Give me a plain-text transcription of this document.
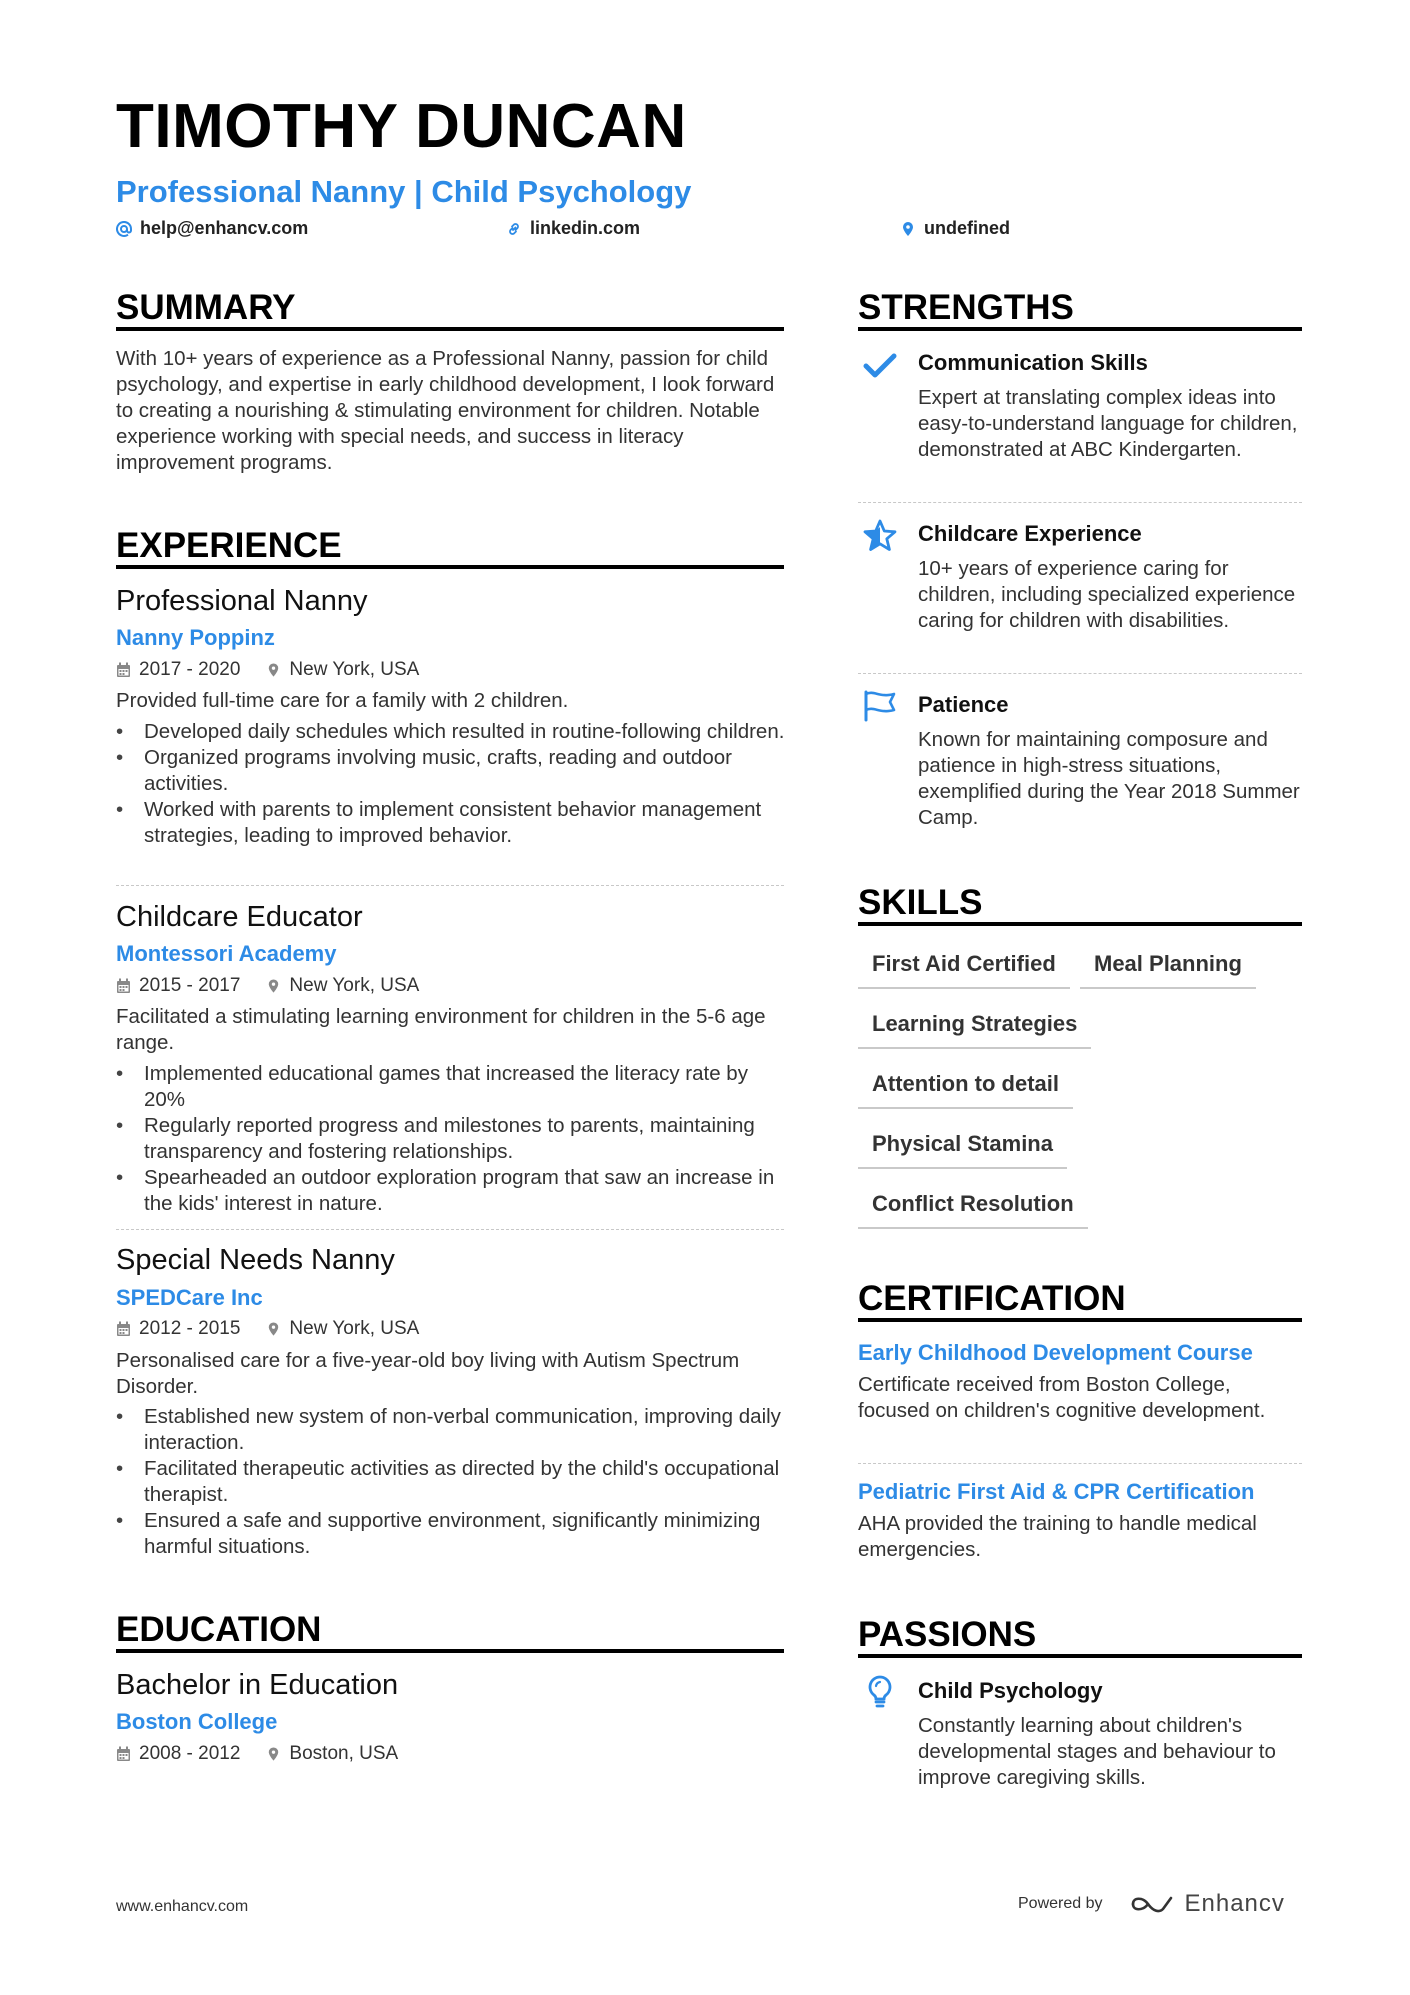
TIMOTHY DUNCAN
Professional Nanny | Child Psychology
help@enhancv.com	linkedin.com	undefined
SUMMARY

With 10+ years of experience as a Professional Nanny, passion for child psychology, and expertise in early childhood development, I look forward to creating a nourishing & stimulating environment for children. Notable experience working with special needs, and success in literacy improvement programs.

EXPERIENCE
Professional Nanny
Nanny Poppinz
2017 - 2020	New York, USA

Provided full-time care for a family with 2 children.

• Developed daily schedules which resulted in routine-following children.
• Organized programs involving music, crafts, reading and outdoor activities.
• Worked with parents to implement consistent behavior management strategies, leading to improved behavior.
Childcare Educator
Montessori Academy
2015 - 2017	New York, USA

Facilitated a stimulating learning environment for children in the 5-6 age range.

• Implemented educational games that increased the literacy rate by 20%
• Regularly reported progress and milestones to parents, maintaining transparency and fostering relationships.
• Spearheaded an outdoor exploration program that saw an increase in the kids' interest in nature.
Special Needs Nanny
SPEDCare Inc
2012 - 2015	New York, USA

Personalised care for a five-year-old boy living with Autism Spectrum Disorder.

• Established new system of non-verbal communication, improving daily interaction.
• Facilitated therapeutic activities as directed by the child's occupational therapist.
• Ensured a safe and supportive environment, significantly minimizing harmful situations.
EDUCATION
Bachelor in Education
Boston College
2008 - 2012	Boston, USA
STRENGTHS
Communication Skills

Expert at translating complex ideas into easy-to-understand language for children, demonstrated at ABC Kindergarten.

Childcare Experience

10+ years of experience caring for children, including specialized experience caring for children with disabilities.

Patience

Known for maintaining composure and patience in high-stress situations, exemplified during the Year 2018 Summer Camp.

SKILLS
First Aid Certified	Meal Planning
Learning Strategies
Attention to detail
Physical Stamina
Conflict Resolution
CERTIFICATION
Early Childhood Development Course

Certificate received from Boston College, focused on children's cognitive development.

Pediatric First Aid & CPR Certification

AHA provided the training to handle medical emergencies.

PASSIONS
Child Psychology

Constantly learning about children's developmental stages and behaviour to improve caregiving skills.

www.enhancv.com	Powered by	Enhancv
